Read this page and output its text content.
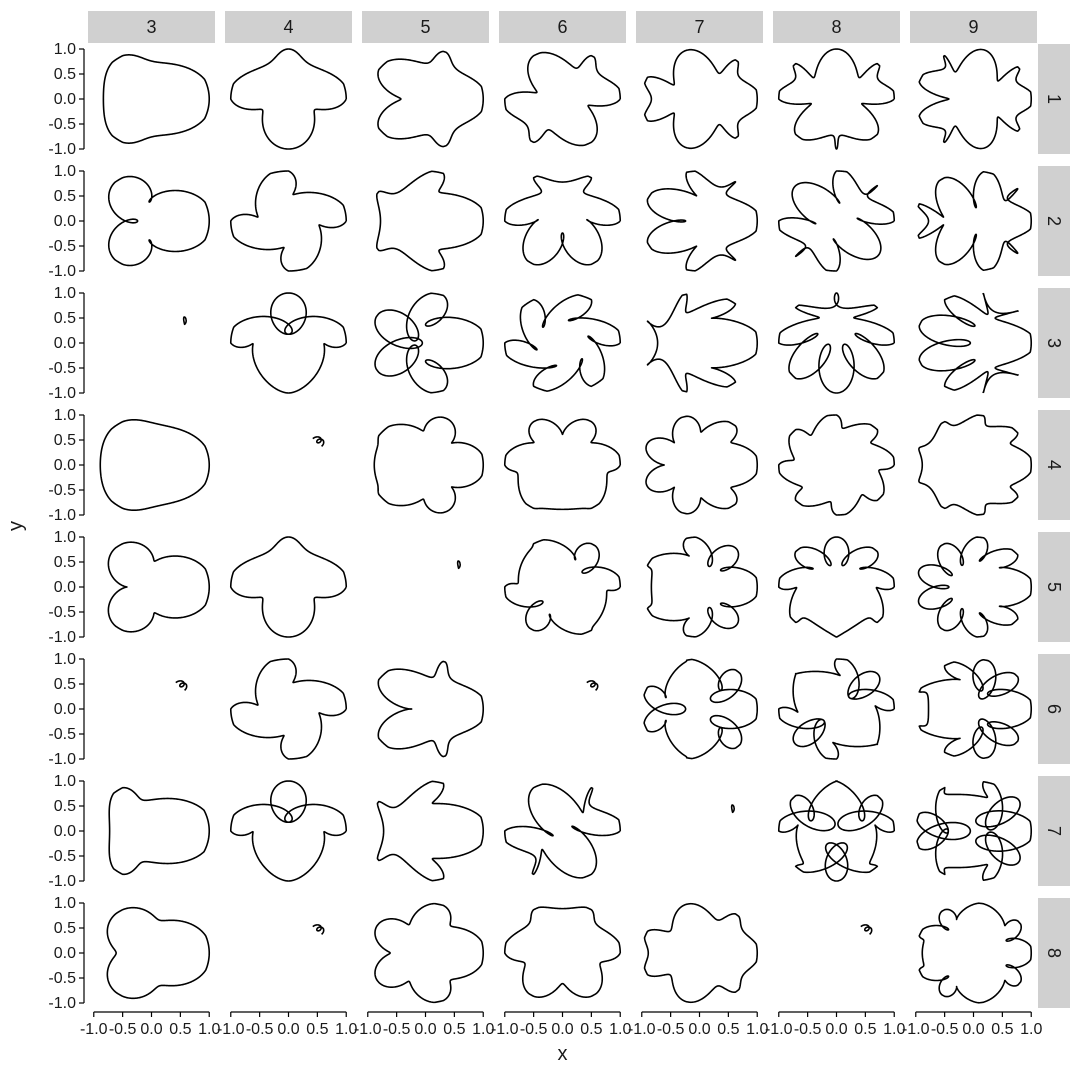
3	4	5	6	7	8	9
1
2
3
4
5
6
7
8
-1.0
-0.5
0.0
0.5
1.0
-1.0
-0.5
0.0
0.5
1.0
-1.0
-0.5
0.0
0.5
1.0
-1.0
-0.5
0.0
0.5
1.0
-1.0
-0.5
0.0
0.5
1.0
-1.0
-0.5
0.0
0.5
1.0
-1.0
-0.5
0.0
0.5
1.0
-1.0
-0.5
0.0
0.5
1.0
-1.0 -0.5 0.0 0.5 1.0
-1.0 -0.5 0.0 0.5 1.0
-1.0 -0.5 0.0 0.5 1.0
-1.0 -0.5 0.0 0.5 1.0
-1.0 -0.5 0.0 0.5 1.0
-1.0 -0.5 0.0 0.5 1.0
-1.0 -0.5 0.0 0.5 1.0
x
y
